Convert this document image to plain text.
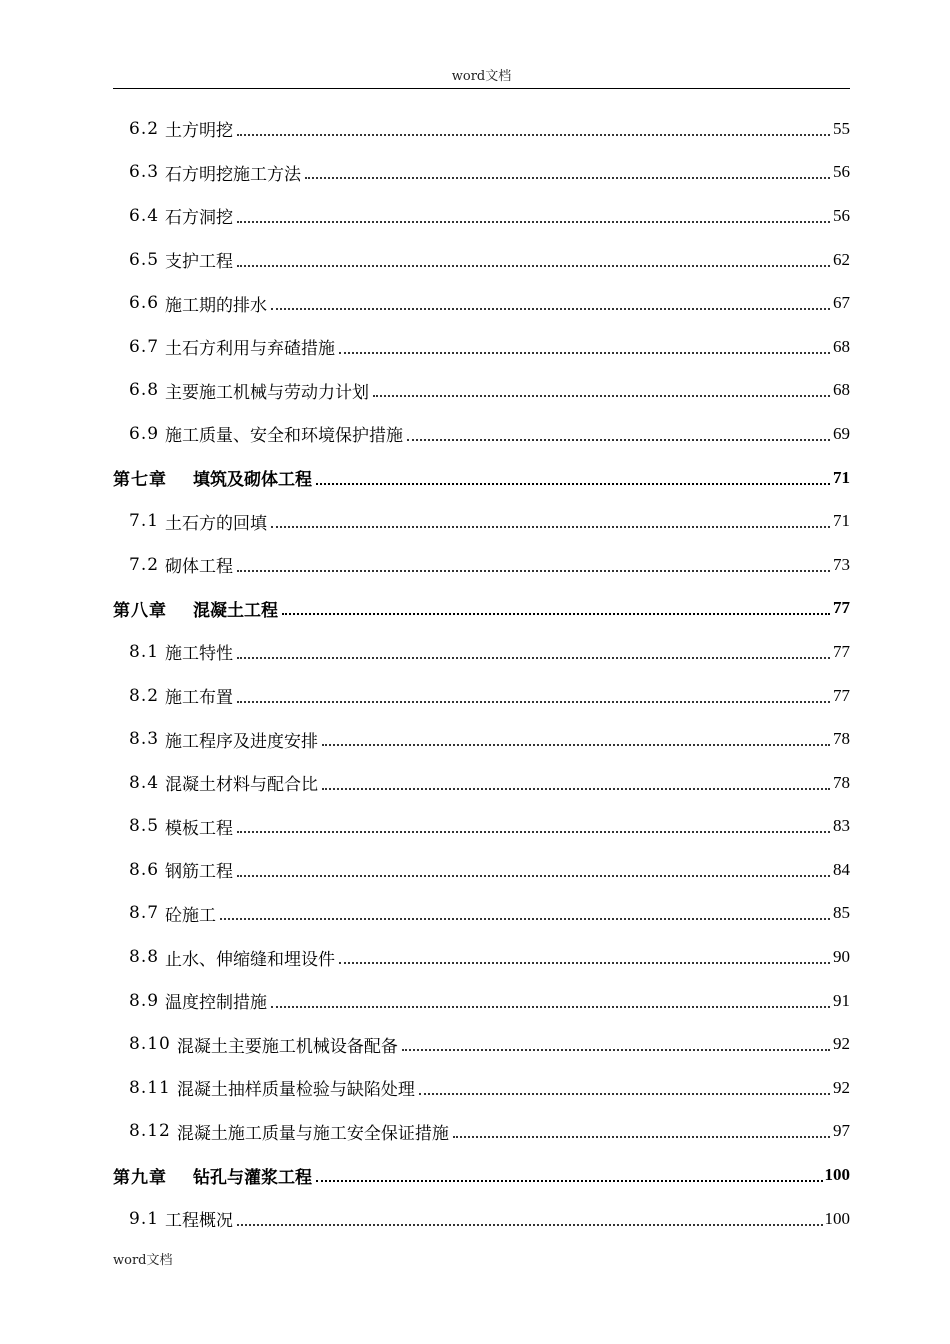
word文档
6.2 土方明挖	55
6.3 石方明挖施工方法	56
6.4 石方洞挖	56
6.5 支护工程	62
6.6 施工期的排水	67
6.7 土石方利用与弃碴措施	68
6.8 主要施工机械与劳动力计划	68
6.9 施工质量、安全和环境保护措施	69
第七章 填筑及砌体工程	71
7.1 土石方的回填	71
7.2 砌体工程	73
第八章 混凝土工程	77
8.1 施工特性	77
8.2 施工布置	77
8.3 施工程序及进度安排	78
8.4 混凝土材料与配合比	78
8.5 模板工程	83
8.6 钢筋工程	84
8.7 砼施工	85
8.8 止水、伸缩缝和埋设件	90
8.9 温度控制措施	91
8.10 混凝土主要施工机械设备配备	92
8.11 混凝土抽样质量检验与缺陷处理	92
8.12 混凝土施工质量与施工安全保证措施	97
第九章 钻孔与灌浆工程	100
9.1 工程概况	100
word文档
